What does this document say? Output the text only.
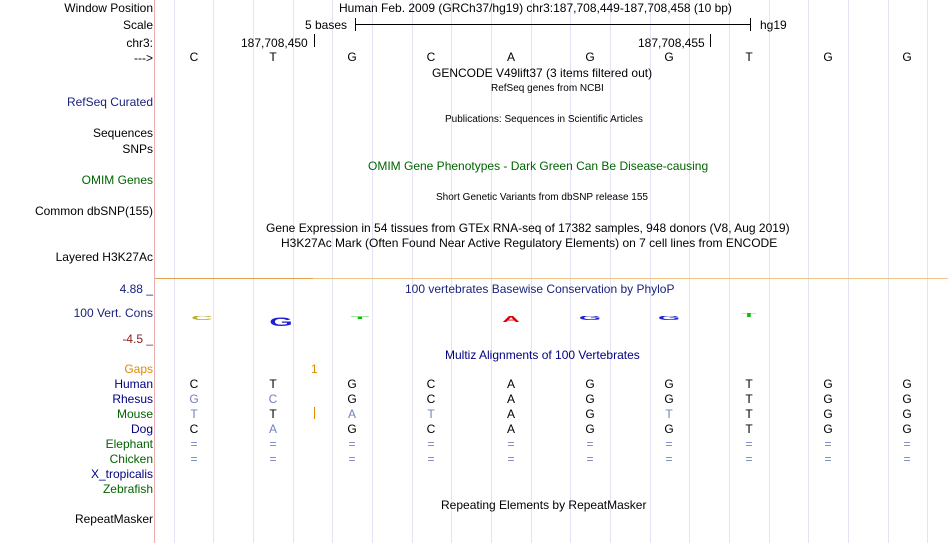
Window Position	Human Feb. 2009 (GRCh37/hg19) chr3:187,708,449-187,708,458 (10 bp)
Scale	5 bases	hg19
chr3:	187,708,450	187,708,455
--->	C	T	G	C	A	G	G	T	G	G
GENCODE V49lift37 (3 items filtered out)
RefSeq genes from NCBI
RefSeq Curated
Publications: Sequences in Scientific Articles
Sequences
SNPs
OMIM Gene Phenotypes - Dark Green Can Be Disease-causing
OMIM Genes
Short Genetic Variants from dbSNP release 155
Common dbSNP(155)
Gene Expression in 54 tissues from GTEx RNA-seq of 17382 samples, 948 donors (V8, Aug 2019)
H3K27Ac Mark (Often Found Near Active Regulatory Elements) on 7 cell lines from ENCODE
Layered H3K27Ac
4.88 _	100 vertebrates Basewise Conservation by PhyloP
100 Vert. Cons
-4.5 _
C	G	T	A	G	G	T
Multiz Alignments of 100 Vertebrates
Gaps	1
Human	C	T	G	C	A	G	G	T	G	G
Rhesus	G	C	G	C	A	G	G	T	G	G
Mouse	T	T	A	T	A	G	T	T	G	G
Dog	C	A	G	C	A	G	G	T	G	G
Elephant	=	=	=	=	=	=	=	=	=	=
Chicken	=	=	=	=	=	=	=	=	=	=
X_tropicalis
Zebrafish
Repeating Elements by RepeatMasker
RepeatMasker
